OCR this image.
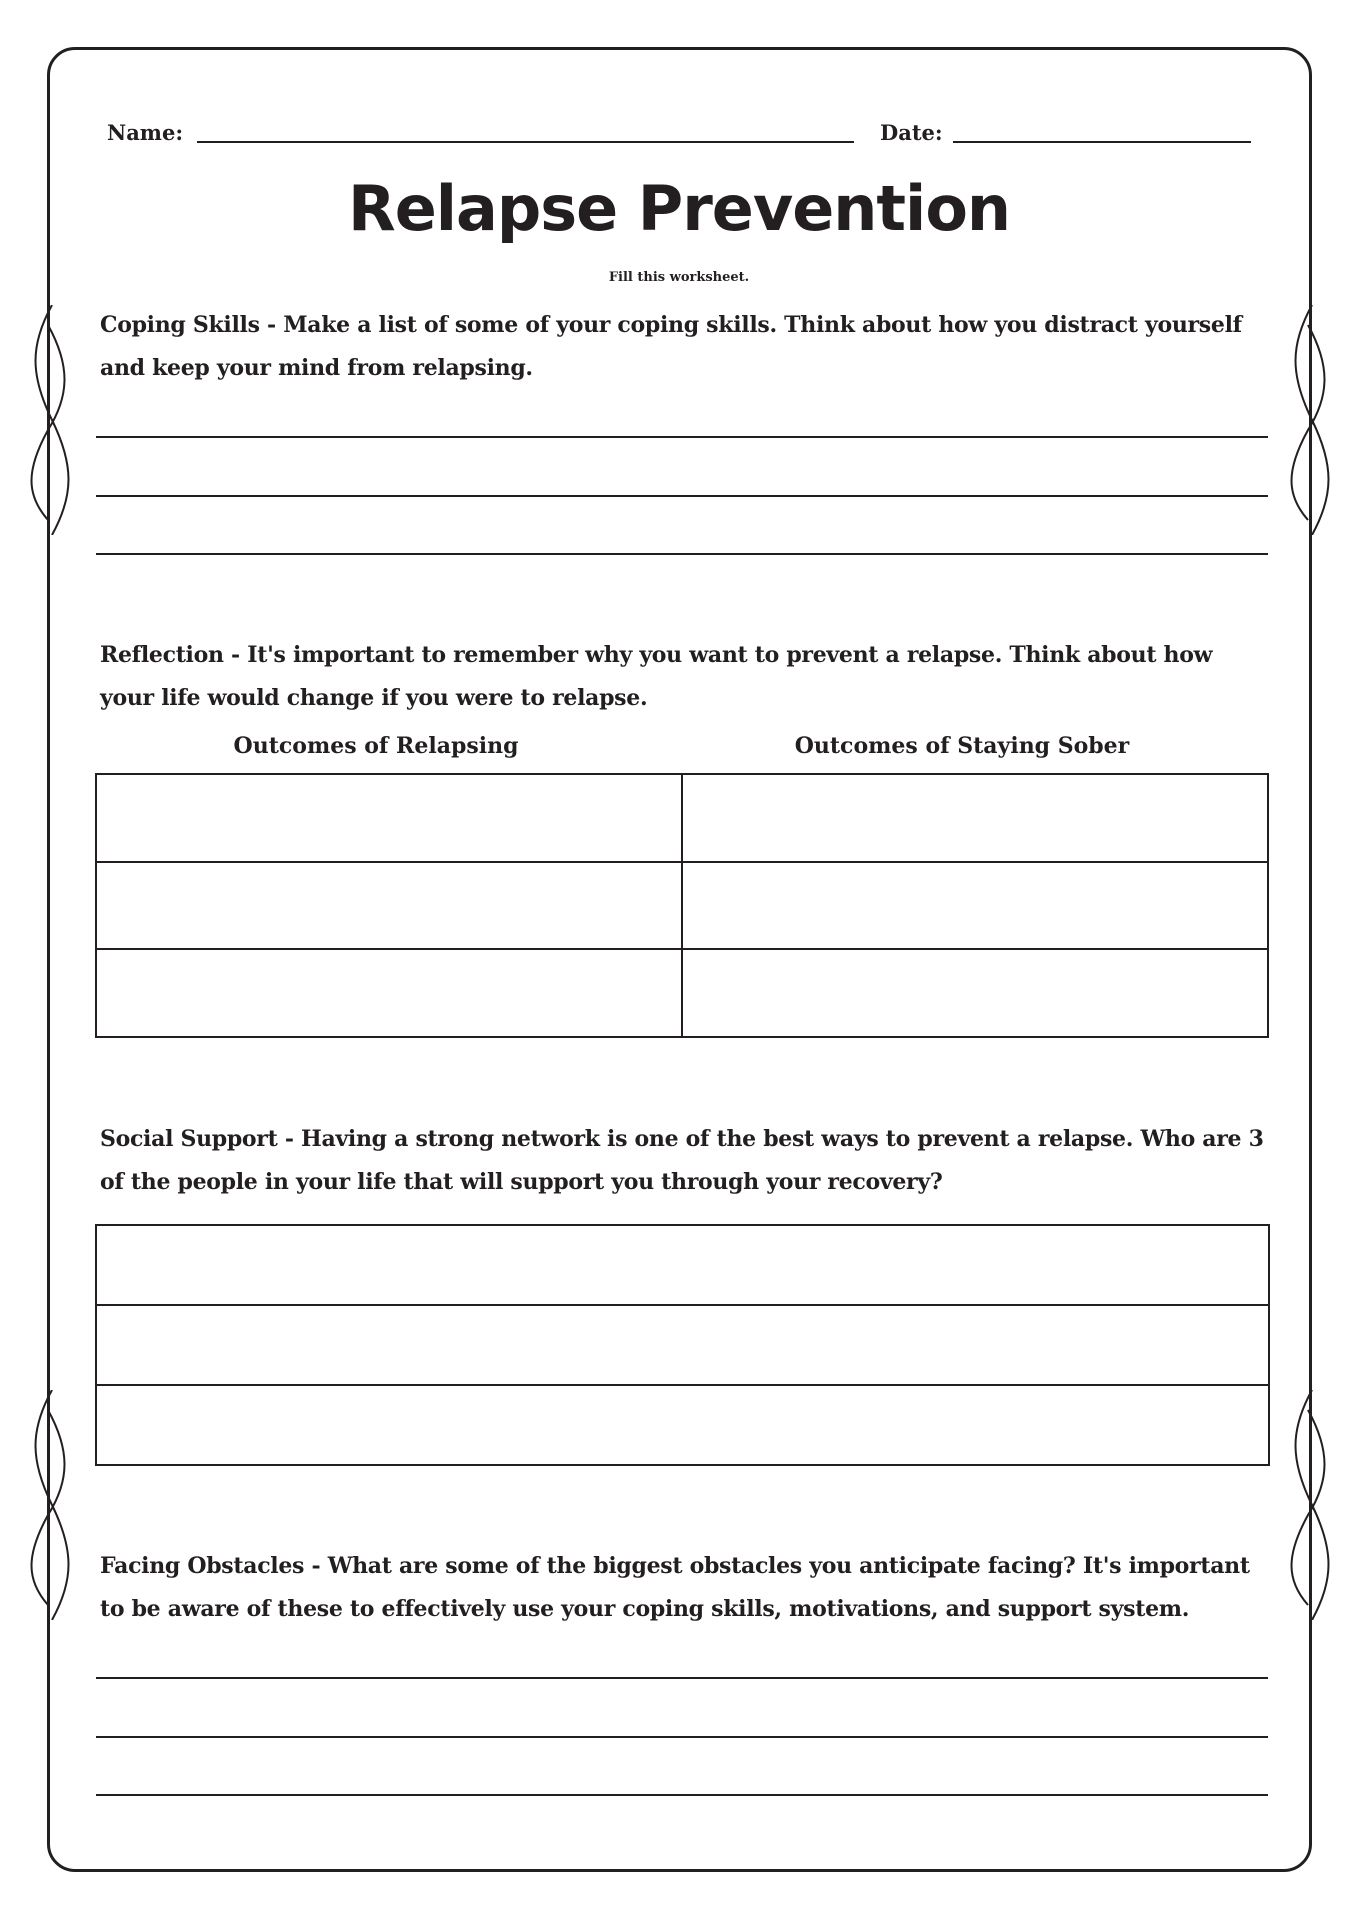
Name:	Date:
Relapse Prevention
Fill this worksheet.
Coping Skills - Make a list of some of your coping skills. Think about how you distract yourself and keep your mind from relapsing.
Reflection - It's important to remember why you want to prevent a relapse. Think about how your life would change if you were to relapse.
Outcomes of Relapsing	Outcomes of Staying Sober

Social Support - Having a strong network is one of the best ways to prevent a relapse. Who are 3 of the people in your life that will support you through your recovery?

Facing Obstacles - What are some of the biggest obstacles you anticipate facing? It's important to be aware of these to effectively use your coping skills, motivations, and support system.
